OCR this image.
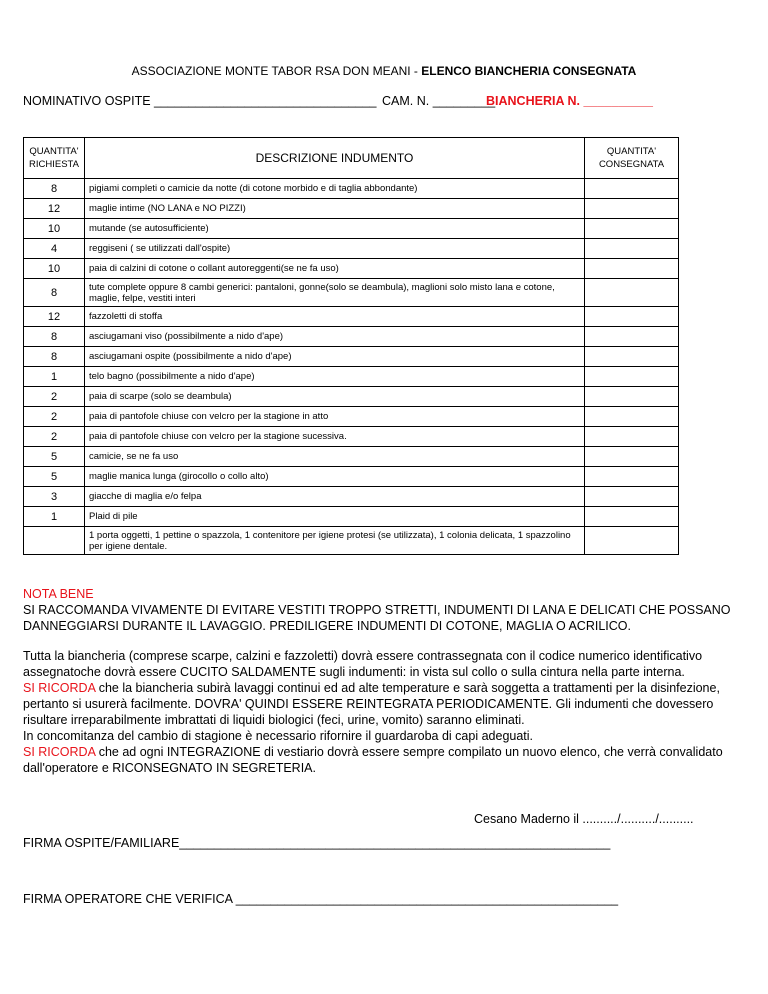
ASSOCIAZIONE MONTE TABOR RSA DON MEANI - ELENCO BIANCHERIA CONSEGNATA
NOMINATIVO OSPITE ________________________________ CAM. N. _________
BIANCHERIA N. __________
QUANTITA' RICHIESTA	DESCRIZIONE INDUMENTO	QUANTITA' CONSEGNATA
8	pigiami completi o camicie da notte (di cotone morbido e di taglia abbondante)	
12	maglie intime (NO LANA e NO PIZZI)	
10	mutande (se autosufficiente)	
4	reggiseni ( se utilizzati dall'ospite)	
10	paia di calzini di cotone o collant autoreggenti(se ne fa uso)	
8	tute complete oppure 8 cambi generici: pantaloni, gonne(solo se deambula), maglioni solo misto lana e cotone, maglie, felpe, vestiti interi	
12	fazzoletti di stoffa	
8	asciugamani viso (possibilmente a nido d'ape)	
8	asciugamani ospite (possibilmente a nido d'ape)	
1	telo bagno (possibilmente a nido d'ape)	
2	paia di scarpe (solo se deambula)	
2	paia di pantofole chiuse con velcro per la stagione in atto	
2	paia di pantofole chiuse con velcro per la stagione sucessiva.	
5	camicie, se ne fa uso	
5	maglie manica lunga (girocollo o collo alto)	
3	giacche di maglia e/o felpa	
1	Plaid di pile	
	1 porta oggetti, 1 pettine o spazzola, 1 contenitore per igiene protesi (se utilizzata), 1 colonia delicata, 1 spazzolino per igiene dentale.	

NOTA BENE

SI RACCOMANDA VIVAMENTE DI EVITARE VESTITI TROPPO STRETTI, INDUMENTI DI LANA E DELICATI CHE POSSANO DANNEGGIARSI DURANTE IL LAVAGGIO. PREDILIGERE INDUMENTI DI COTONE, MAGLIA O ACRILICO.

Tutta la biancheria (comprese scarpe, calzini e fazzoletti) dovrà essere contrassegnata con il codice numerico identificativo

assegnatoche dovrà essere CUCITO SALDAMENTE sugli indumenti: in vista sul collo o sulla cintura nella parte interna.

SI RICORDA che la biancheria subirà lavaggi continui ed ad alte temperature e sarà soggetta a trattamenti per la disinfezione, pertanto si usurerà facilmente. DOVRA' QUINDI ESSERE REINTEGRATA PERIODICAMENTE. Gli indumenti che dovessero risultare irreparabilmente imbrattati di liquidi biologici (feci, urine, vomito) saranno eliminati.

In concomitanza del cambio di stagione è necessario rifornire il guardaroba di capi adeguati.

SI RICORDA che ad ogni INTEGRAZIONE di vestiario dovrà essere sempre compilato un nuovo elenco, che verrà convalidato dall'operatore e RICONSEGNATO IN SEGRETERIA.

Cesano Maderno il ........../........../..........
FIRMA OSPITE/FAMILIARE______________________________________________________________
FIRMA OPERATORE CHE VERIFICA _______________________________________________________
